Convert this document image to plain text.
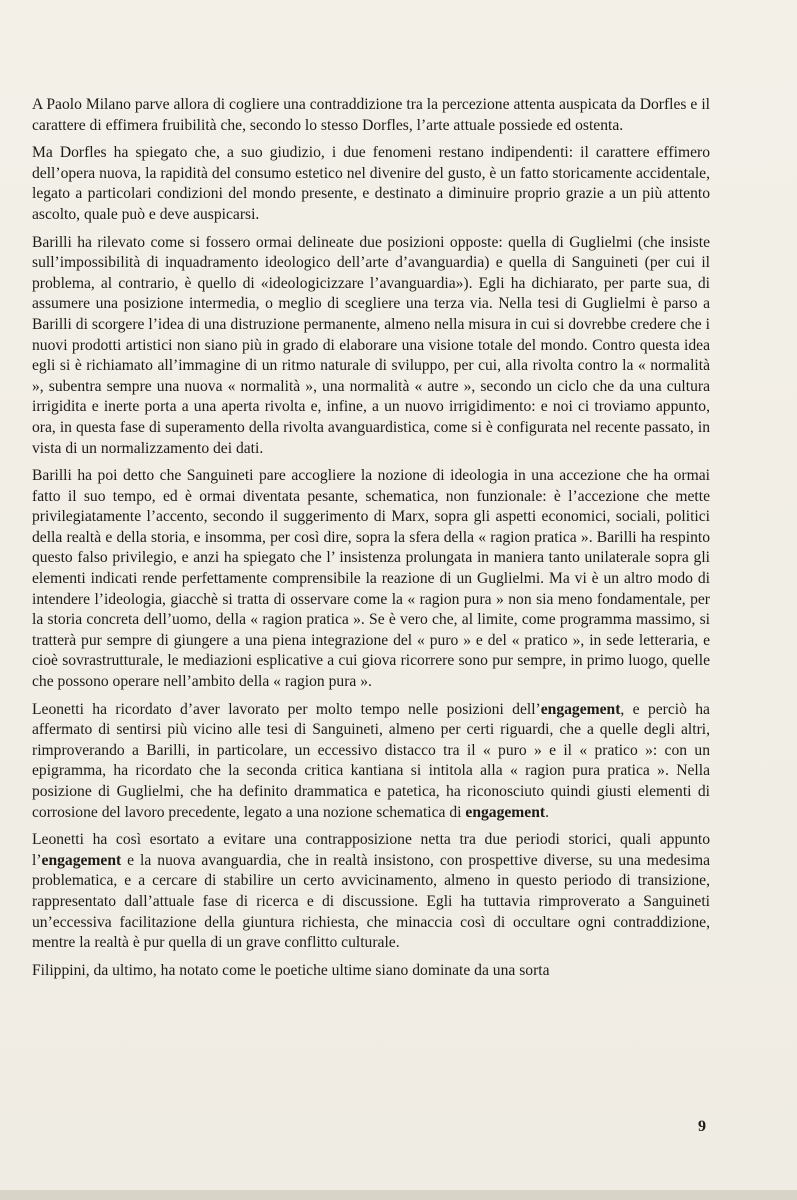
A Paolo Milano parve allora di cogliere una contraddizione tra la percezione attenta auspicata da Dorfles e il carattere di effimera fruibilità che, secondo lo stesso Dorfles, l’arte attuale possiede ed ostenta.

Ma Dorfles ha spiegato che, a suo giudizio, i due fenomeni restano indipendenti: il carattere effimero dell’opera nuova, la rapidità del consumo estetico nel divenire del gusto, è un fatto storicamente accidentale, legato a particolari condizioni del mondo presente, e destinato a diminuire proprio grazie a un più attento ascolto, quale può e deve auspicarsi.

Barilli ha rilevato come si fossero ormai delineate due posizioni opposte: quella di Guglielmi (che insiste sull’impossibilità di inquadramento ideologico dell’arte d’avanguardia) e quella di Sanguineti (per cui il problema, al contrario, è quello di «ideologicizzare l’avanguardia»). Egli ha dichiarato, per parte sua, di assumere una posizione intermedia, o meglio di scegliere una terza via. Nella tesi di Guglielmi è parso a Barilli di scorgere l’idea di una distruzione permanente, almeno nella misura in cui si dovrebbe credere che i nuovi prodotti artistici non siano più in grado di elaborare una visione totale del mondo. Contro questa idea egli si è richiamato all’immagine di un ritmo naturale di sviluppo, per cui, alla rivolta contro la « normalità », subentra sempre una nuova « normalità », una normalità « autre », secondo un ciclo che da una cultura irrigidita e inerte porta a una aperta rivolta e, infine, a un nuovo irrigidimento: e noi ci troviamo appunto, ora, in questa fase di superamento della rivolta avanguardistica, come si è configurata nel recente passato, in vista di un normalizzamento dei dati.

Barilli ha poi detto che Sanguineti pare accogliere la nozione di ideologia in una accezione che ha ormai fatto il suo tempo, ed è ormai diventata pesante, schematica, non funzionale: è l’accezione che mette privilegiatamente l’accento, secondo il suggerimento di Marx, sopra gli aspetti economici, sociali, politici della realtà e della storia, e insomma, per così dire, sopra la sfera della « ragion pratica ». Barilli ha respinto questo falso privilegio, e anzi ha spiegato che l’ insistenza prolungata in maniera tanto unilaterale sopra gli elementi indicati rende perfettamente comprensibile la reazione di un Guglielmi. Ma vi è un altro modo di intendere l’ideologia, giacchè si tratta di osservare come la « ragion pura » non sia meno fondamentale, per la storia concreta dell’uomo, della « ragion pratica ». Se è vero che, al limite, come programma massimo, si tratterà pur sempre di giungere a una piena integrazione del « puro » e del « pratico », in sede letteraria, e cioè sovrastrutturale, le mediazioni esplicative a cui giova ricorrere sono pur sempre, in primo luogo, quelle che possono operare nell’ambito della « ragion pura ».

Leonetti ha ricordato d’aver lavorato per molto tempo nelle posizioni dell’engagement, e perciò ha affermato di sentirsi più vicino alle tesi di Sanguineti, almeno per certi riguardi, che a quelle degli altri, rimproverando a Barilli, in particolare, un eccessivo distacco tra il « puro » e il « pratico »: con un epigramma, ha ricordato che la seconda critica kantiana si intitola alla « ragion pura pratica ». Nella posizione di Guglielmi, che ha definito drammatica e patetica, ha riconosciuto quindi giusti elementi di corrosione del lavoro precedente, legato a una nozione schematica di engagement.

Leonetti ha così esortato a evitare una contrapposizione netta tra due periodi storici, quali appunto l’engagement e la nuova avanguardia, che in realtà insistono, con prospettive diverse, su una medesima problematica, e a cercare di stabilire un certo avvicinamento, almeno in questo periodo di transizione, rappresentato dall’attuale fase di ricerca e di discussione. Egli ha tuttavia rimproverato a Sanguineti un’eccessiva facilitazione della giuntura richiesta, che minaccia così di occultare ogni contraddizione, mentre la realtà è pur quella di un grave conflitto culturale.

Filippini, da ultimo, ha notato come le poetiche ultime siano dominate da una sorta

9
